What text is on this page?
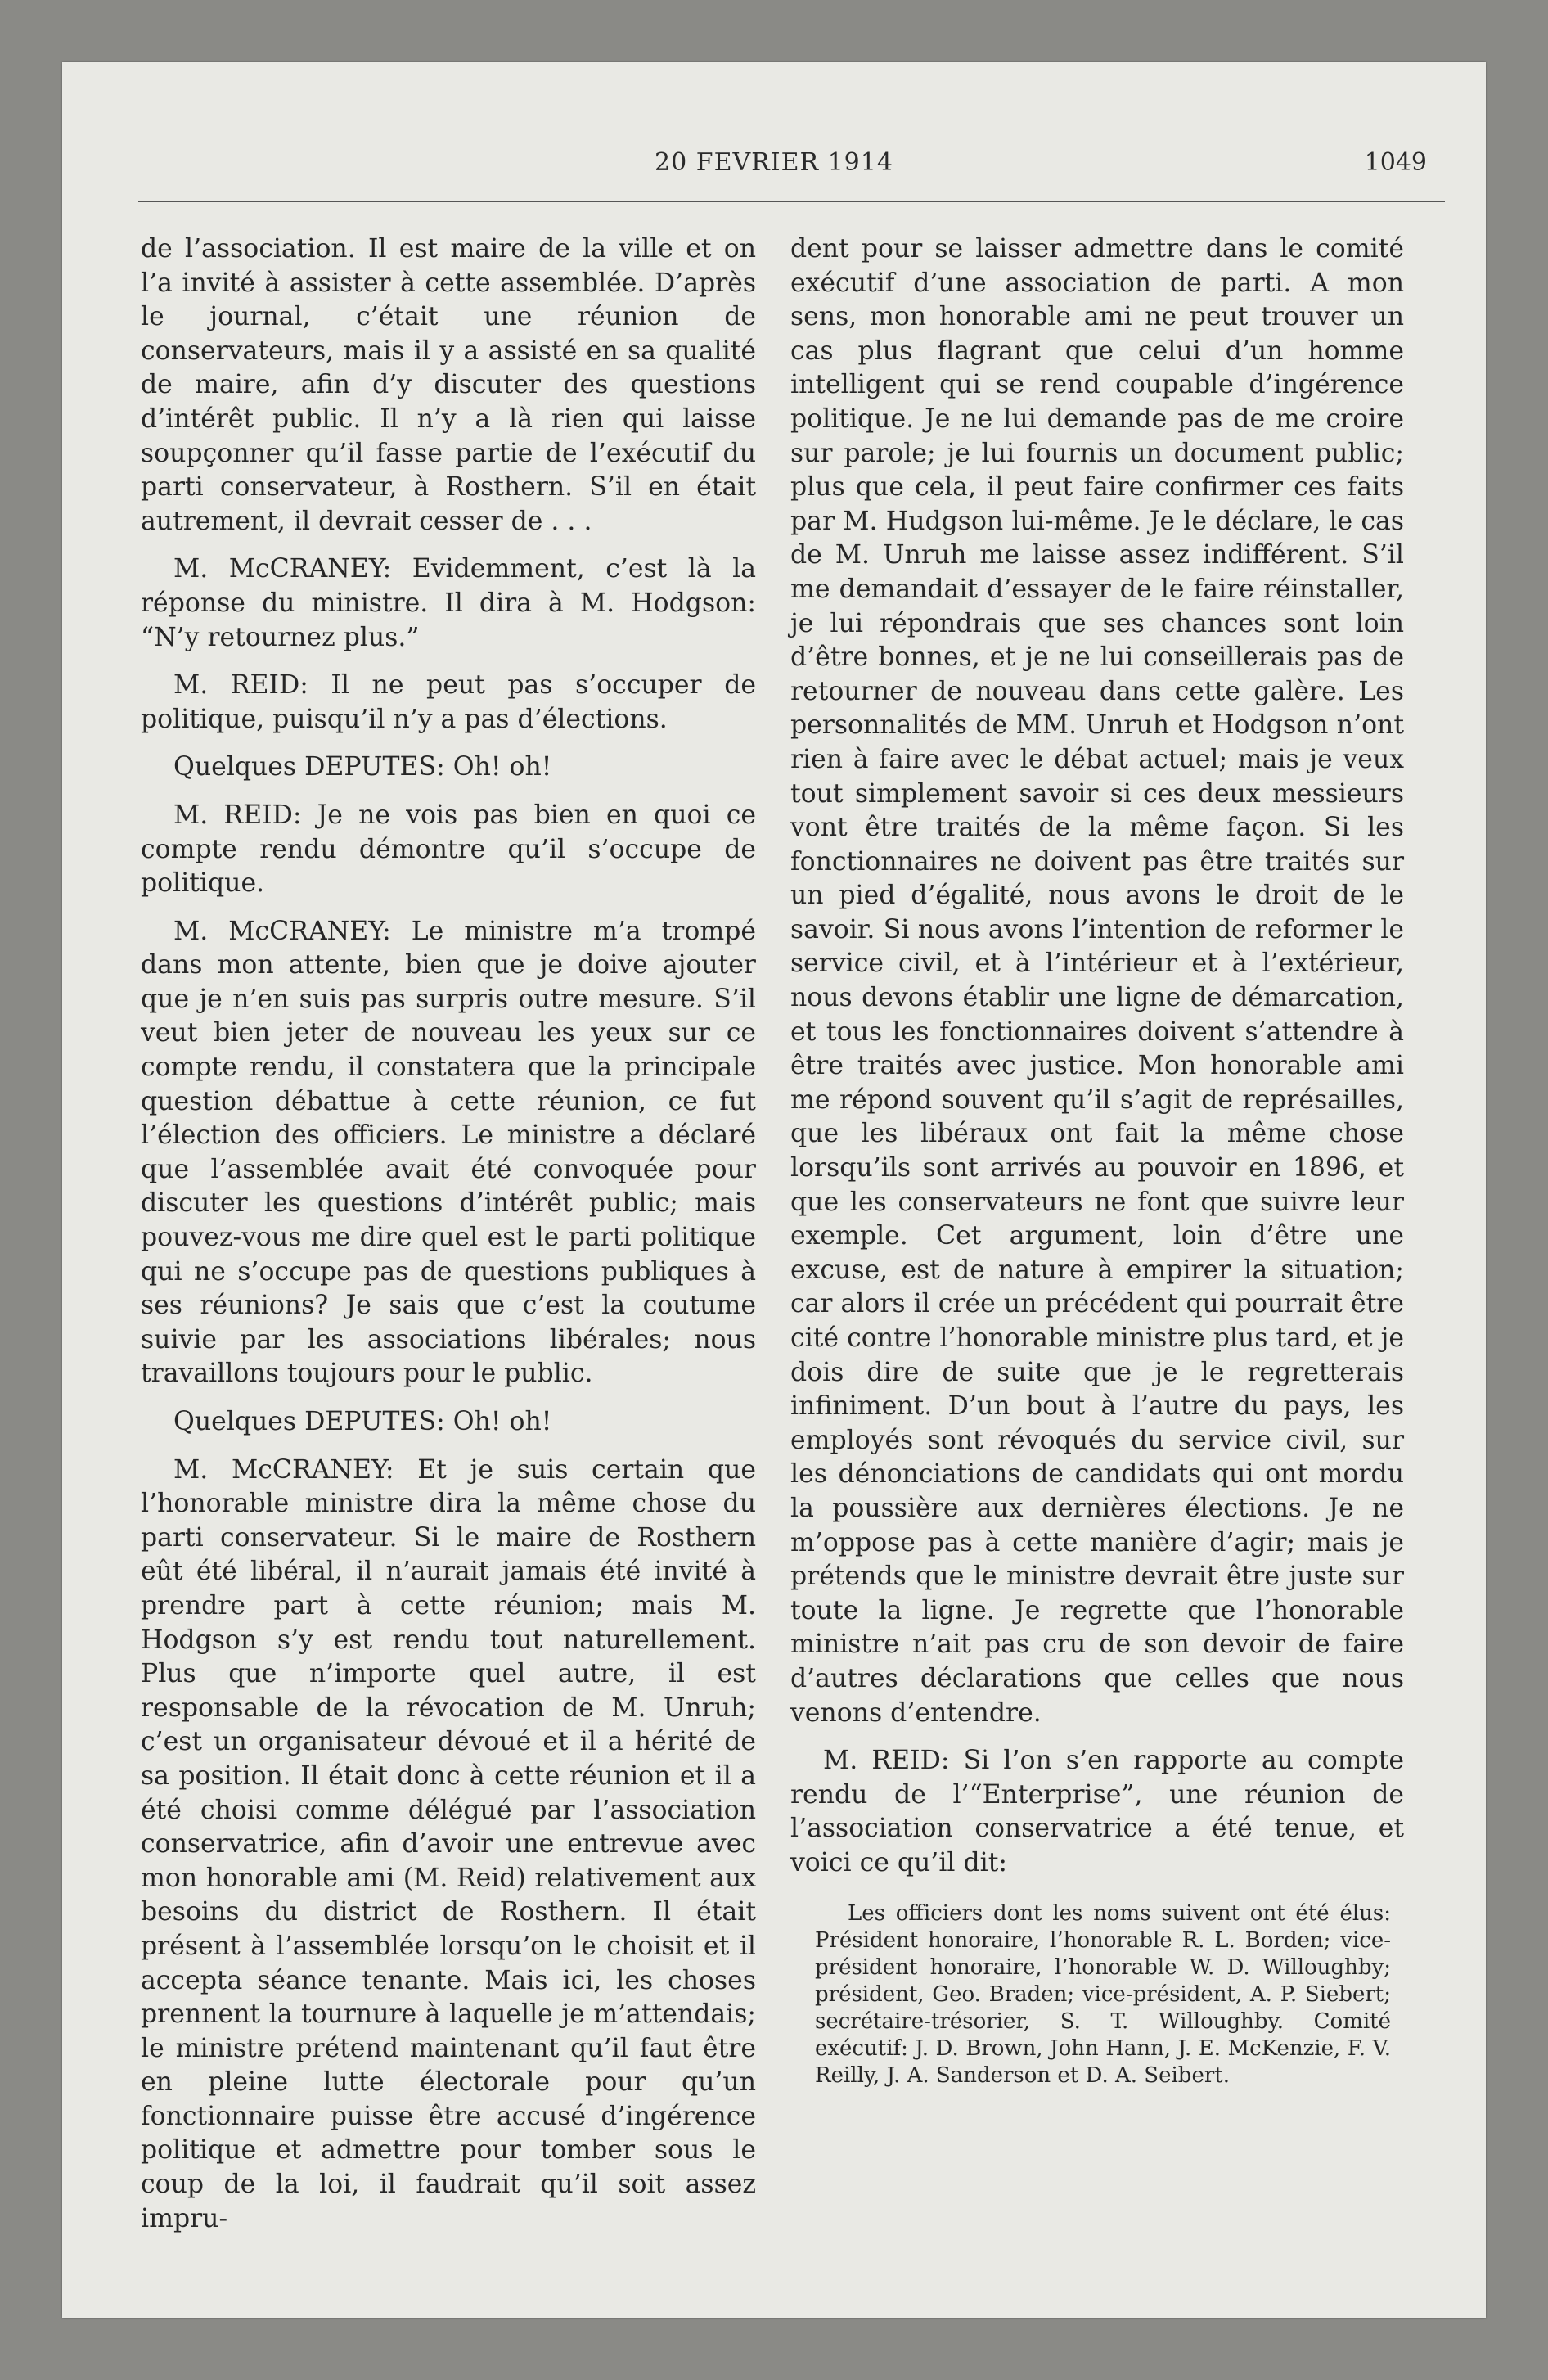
20 FEVRIER 1914	1049

de l’association. Il est maire de la ville et on l’a invité à assister à cette assemblée. D’après le journal, c’était une réunion de conservateurs, mais il y a assisté en sa qualité de maire, afin d’y discuter des questions d’intérêt public. Il n’y a là rien qui laisse soupçonner qu’il fasse partie de l’exécutif du parti conservateur, à Rosthern. S’il en était autrement, il devrait cesser de . . .

M. McCRANEY: Evidemment, c’est là la réponse du ministre. Il dira à M. Hodgson: “N’y retournez plus.”

M. REID: Il ne peut pas s’occuper de politique, puisqu’il n’y a pas d’élections.

Quelques DEPUTES: Oh! oh!

M. REID: Je ne vois pas bien en quoi ce compte rendu démontre qu’il s’occupe de politique.

M. McCRANEY: Le ministre m’a trompé dans mon attente, bien que je doive ajouter que je n’en suis pas surpris outre mesure. S’il veut bien jeter de nouveau les yeux sur ce compte rendu, il constatera que la principale question débattue à cette réunion, ce fut l’élection des officiers. Le ministre a déclaré que l’assemblée avait été convoquée pour discuter les questions d’intérêt public; mais pouvez-vous me dire quel est le parti politique qui ne s’occupe pas de questions publiques à ses réunions? Je sais que c’est la coutume suivie par les associations libérales; nous travaillons toujours pour le public.

Quelques DEPUTES: Oh! oh!

M. McCRANEY: Et je suis certain que l’honorable ministre dira la même chose du parti conservateur. Si le maire de Rosthern eût été libéral, il n’aurait jamais été invité à prendre part à cette réunion; mais M. Hodgson s’y est rendu tout naturellement. Plus que n’importe quel autre, il est responsable de la révocation de M. Unruh; c’est un organisateur dévoué et il a hérité de sa position. Il était donc à cette réunion et il a été choisi comme délégué par l’association conservatrice, afin d’avoir une entrevue avec mon honorable ami (M. Reid) relativement aux besoins du district de Rosthern. Il était présent à l’assemblée lorsqu’on le choisit et il accepta séance tenante. Mais ici, les choses prennent la tournure à laquelle je m’attendais; le ministre prétend maintenant qu’il faut être en pleine lutte électorale pour qu’un fonctionnaire puisse être accusé d’ingérence politique et admettre pour tomber sous le coup de la loi, il faudrait qu’il soit assez impru-

dent pour se laisser admettre dans le comité exécutif d’une association de parti. A mon sens, mon honorable ami ne peut trouver un cas plus flagrant que celui d’un homme intelligent qui se rend coupable d’ingérence politique. Je ne lui demande pas de me croire sur parole; je lui fournis un document public; plus que cela, il peut faire confirmer ces faits par M. Hudgson lui-même. Je le déclare, le cas de M. Unruh me laisse assez indifférent. S’il me demandait d’essayer de le faire réinstaller, je lui répondrais que ses chances sont loin d’être bonnes, et je ne lui conseillerais pas de retourner de nouveau dans cette galère. Les personnalités de MM. Unruh et Hodgson n’ont rien à faire avec le débat actuel; mais je veux tout simplement savoir si ces deux messieurs vont être traités de la même façon. Si les fonctionnaires ne doivent pas être traités sur un pied d’égalité, nous avons le droit de le savoir. Si nous avons l’intention de reformer le service civil, et à l’intérieur et à l’extérieur, nous devons établir une ligne de démarcation, et tous les fonctionnaires doivent s’attendre à être traités avec justice. Mon honorable ami me répond souvent qu’il s’agit de représailles, que les libéraux ont fait la même chose lorsqu’ils sont arrivés au pouvoir en 1896, et que les conservateurs ne font que suivre leur exemple. Cet argument, loin d’être une excuse, est de nature à empirer la situation; car alors il crée un précédent qui pourrait être cité contre l’honorable ministre plus tard, et je dois dire de suite que je le regretterais infiniment. D’un bout à l’autre du pays, les employés sont révoqués du service civil, sur les dénonciations de candidats qui ont mordu la poussière aux dernières élections. Je ne m’oppose pas à cette manière d’agir; mais je prétends que le ministre devrait être juste sur toute la ligne. Je regrette que l’honorable ministre n’ait pas cru de son devoir de faire d’autres déclarations que celles que nous venons d’entendre.

M. REID: Si l’on s’en rapporte au compte rendu de l’“Enterprise”, une réunion de l’association conservatrice a été tenue, et voici ce qu’il dit:

Les officiers dont les noms suivent ont été élus: Président honoraire, l’honorable R. L. Borden; vice-président honoraire, l’honorable W. D. Willoughby; président, Geo. Braden; vice-président, A. P. Siebert; secrétaire-trésorier, S. T. Willoughby. Comité exécutif: J. D. Brown, John Hann, J. E. McKenzie, F. V. Reilly, J. A. Sanderson et D. A. Seibert.
